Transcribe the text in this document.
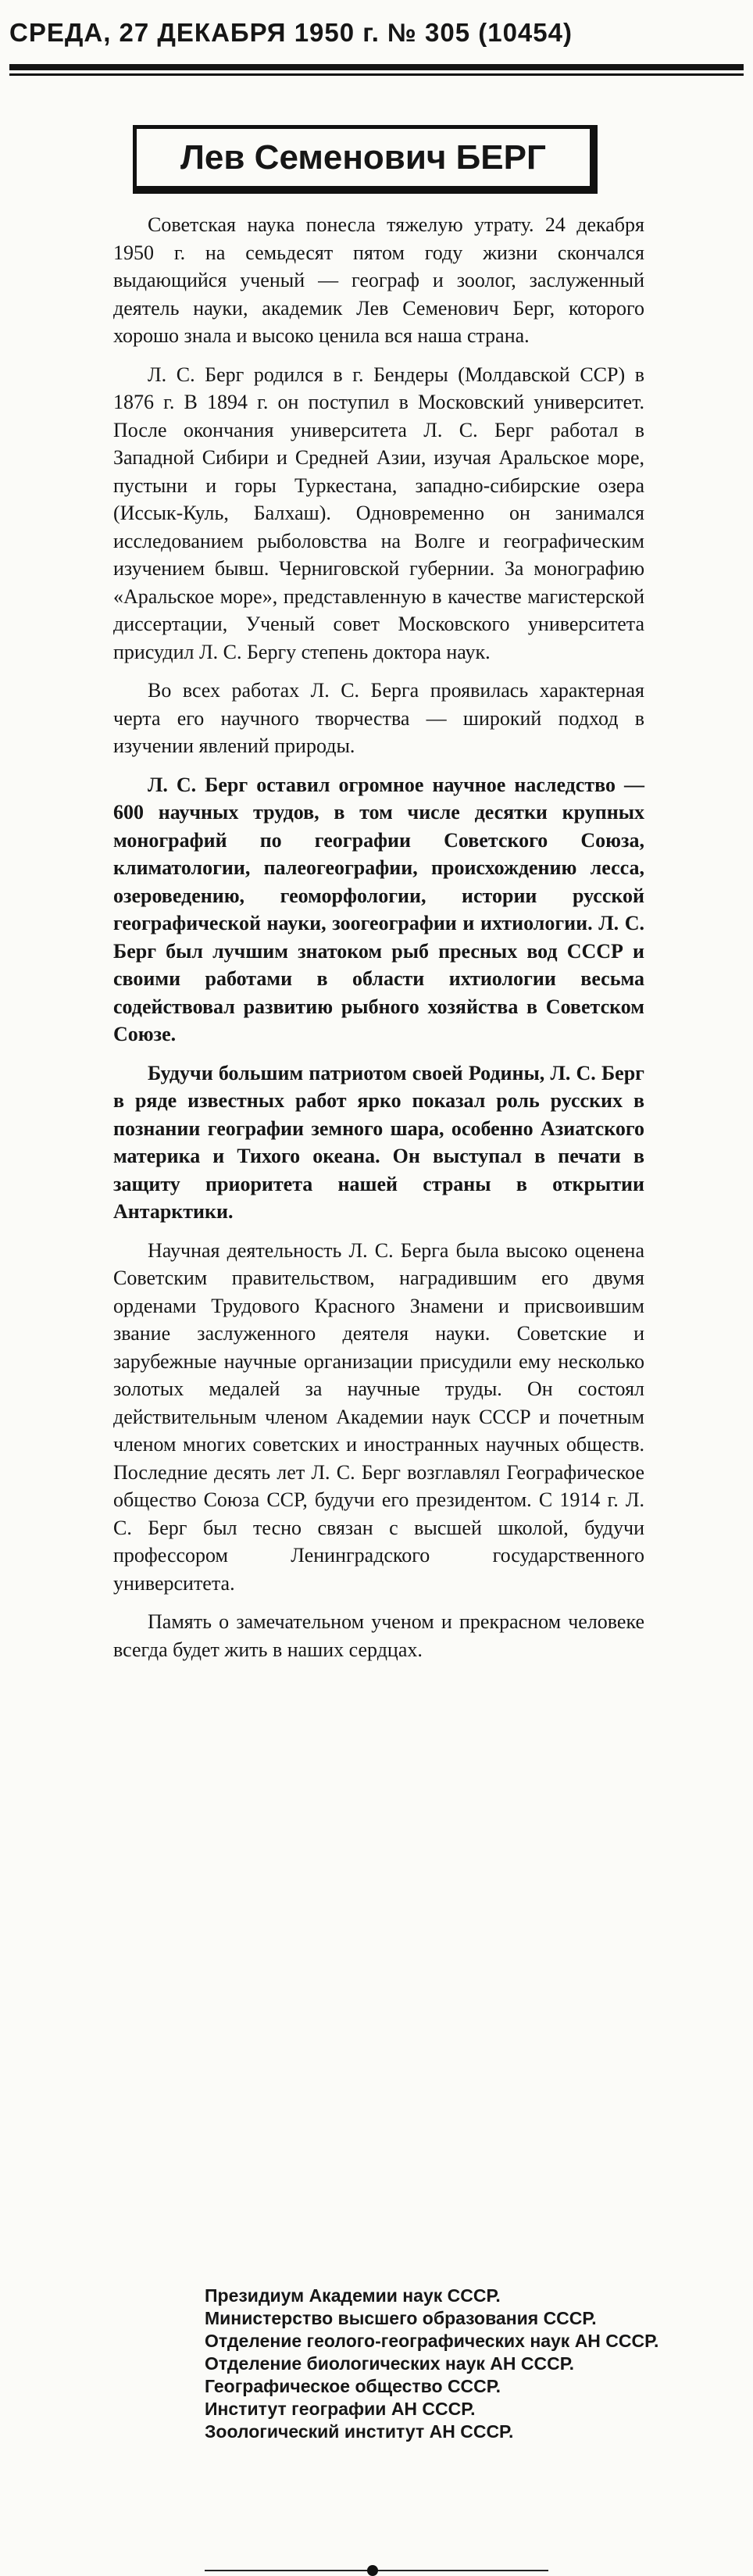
СРЕДА, 27 ДЕКАБРЯ 1950 г. № 305 (10454)
Лев Семенович БЕРГ

Советская наука понесла тяжелую утрату. 24 декабря 1950 г. на семьдесят пятом году жизни скончался выдающийся ученый — географ и зоолог, заслуженный деятель науки, академик Лев Семенович Берг, которого хорошо знала и высоко ценила вся наша страна.

Л. С. Берг родился в г. Бендеры (Молдавской ССР) в 1876 г. В 1894 г. он поступил в Московский университет. После окончания университета Л. С. Берг работал в Западной Сибири и Средней Азии, изучая Аральское море, пустыни и горы Туркестана, западно-сибирские озера (Иссык-Куль, Балхаш). Одновременно он занимался исследованием рыболовства на Волге и географическим изучением бывш. Черниговской губернии. За монографию «Аральское море», представленную в качестве магистерской диссертации, Ученый совет Московского университета присудил Л. С. Бергу степень доктора наук.

Во всех работах Л. С. Берга проявилась характерная черта его научного творчества — широкий подход в изучении явлений природы.

Л. С. Берг оставил огромное научное наследство — 600 научных трудов, в том числе десятки крупных монографий по географии Советского Союза, климатологии, палеогеографии, происхождению лесса, озероведению, геоморфологии, истории русской географической науки, зоогеографии и ихтиологии. Л. С. Берг был лучшим знатоком рыб пресных вод СССР и своими работами в области ихтиологии весьма содействовал развитию рыбного хозяйства в Советском Союзе.

Будучи большим патриотом своей Родины, Л. С. Берг в ряде известных работ ярко показал роль русских в познании географии земного шара, особенно Азиатского материка и Тихого океана. Он выступал в печати в защиту приоритета нашей страны в открытии Антарктики.

Научная деятельность Л. С. Берга была высоко оценена Советским правительством, наградившим его двумя орденами Трудового Красного Знамени и присвоившим звание заслуженного деятеля науки. Советские и зарубежные научные организации присудили ему несколько золотых медалей за научные труды. Он состоял действительным членом Академии наук СССР и почетным членом многих советских и иностранных научных обществ. Последние десять лет Л. С. Берг возглавлял Географическое общество Союза ССР, будучи его президентом. С 1914 г. Л. С. Берг был тесно связан с высшей школой, будучи профессором Ленинградского государственного университета.

Память о замечательном ученом и прекрасном человеке всегда будет жить в наших сердцах.

Президиум Академии наук СССР.

Министерство высшего образования СССР.

Отделение геолого-географических наук АН СССР.

Отделение биологических наук АН СССР.

Географическое общество СССР.

Институт географии АН СССР.

Зоологический институт АН СССР.
